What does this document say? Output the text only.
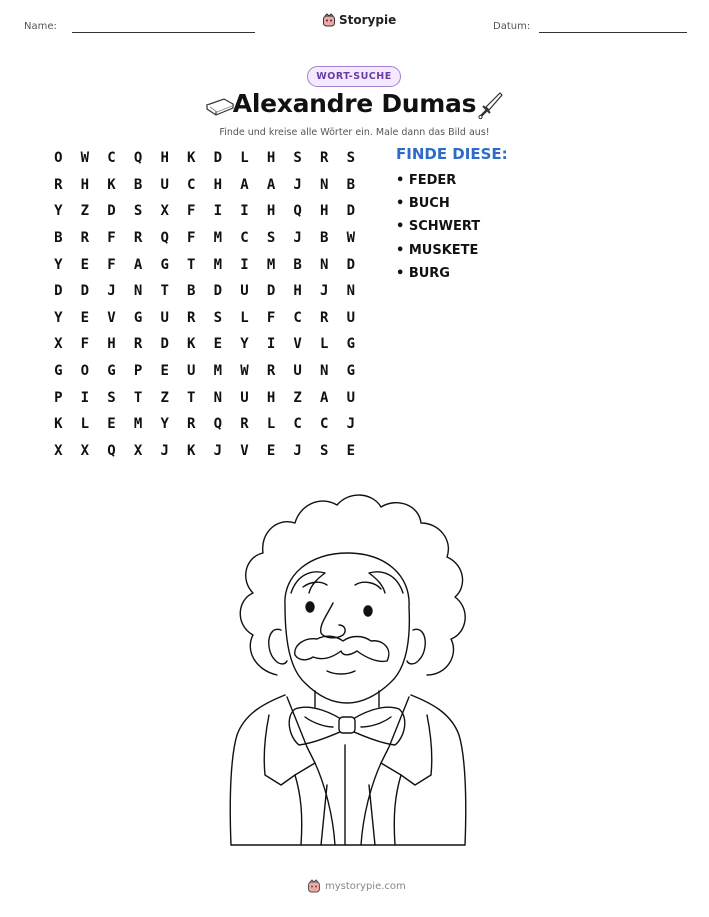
Name:	Storypie	Datum:
WORT-SUCHE
Alexandre Dumas
Finde und kreise alle Wörter ein. Male dann das Bild aus!
O	W	C	Q	H	K	D	L	H	S	R	S
R	H	K	B	U	C	H	A	A	J	N	B
Y	Z	D	S	X	F	I	I	H	Q	H	D
B	R	F	R	Q	F	M	C	S	J	B	W
Y	E	F	A	G	T	M	I	M	B	N	D
D	D	J	N	T	B	D	U	D	H	J	N
Y	E	V	G	U	R	S	L	F	C	R	U
X	F	H	R	D	K	E	Y	I	V	L	G
G	O	G	P	E	U	M	W	R	U	N	G
P	I	S	T	Z	T	N	U	H	Z	A	U
K	L	E	M	Y	R	Q	R	L	C	C	J
X	X	Q	X	J	K	J	V	E	J	S	E
FINDE DIESE:
• FEDER
• BUCH
• SCHWERT
• MUSKETE
• BURG
mystorypie.com
